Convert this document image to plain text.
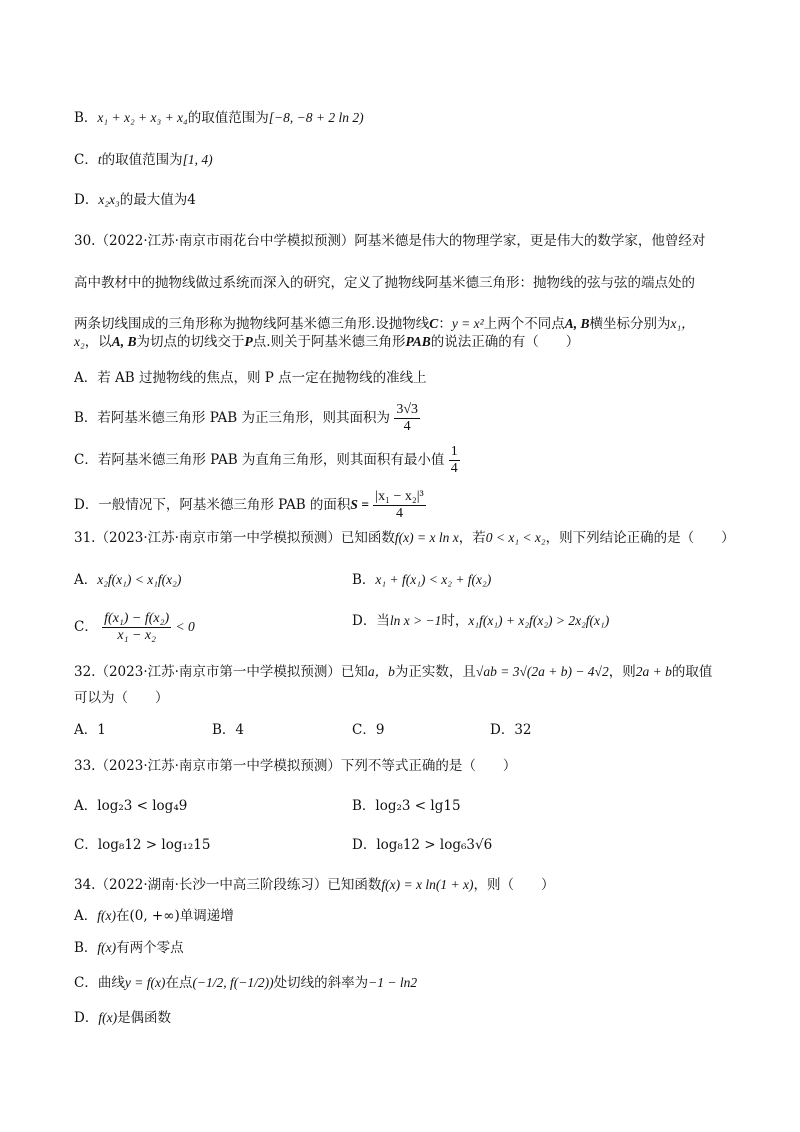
B．x₁ + x₂ + x₃ + x₄的取值范围为[−8, −8 + 2 ln 2)
C．t的取值范围为[1, 4)
D．x₂x₃的最大值为4
30.（2022·江苏·南京市雨花台中学模拟预测）阿基米德是伟大的物理学家，更是伟大的数学家，他曾经对
高中教材中的抛物线做过系统而深入的研究，定义了抛物线阿基米德三角形：抛物线的弦与弦的端点处的
两条切线围成的三角形称为抛物线阿基米德三角形.设抛物线C：y = x²上两个不同点A, B横坐标分别为x₁，
x₂，以A, B为切点的切线交于P点.则关于阿基米德三角形PAB的说法正确的有（　　）
A．若 AB 过抛物线的焦点，则 P 点一定在抛物线的准线上
B．若阿基米德三角形 PAB 为正三角形，则其面积为 $\frac{3√3}{4}$
C．若阿基米德三角形 PAB 为直角三角形，则其面积有最小值 $\frac{1}{4}$
D．一般情况下，阿基米德三角形 PAB 的面积$S = \frac{\text{|x₁ − x₂|³}}{4}$
31.（2023·江苏·南京市第一中学模拟预测）已知函数f(x) = x ln x，若0 < x₁ < x₂，则下列结论正确的是（　　）
A．x₂f(x₁) < x₁f(x₂)	B．x₁ + f(x₁) < x₂ + f(x₂)
C． $\frac{\text{f(x₁) − f(x₂)}}{\text{x₁ − x₂}} < 0$	D．当ln x > −1时，x₁f(x₁) + x₂f(x₂) > 2x₂f(x₁)
32.（2023·江苏·南京市第一中学模拟预测）已知a，b为正实数，且√ab = 3√(2a + b) − 4√2，则2a + b的取值
可以为（　　）
A．1	B．4	C．9	D．32
33.（2023·江苏·南京市第一中学模拟预测）下列不等式正确的是（　　）
A．log₂3 < log₄9	B．log₂3 < lg15
C．log₈12 > log₁₂15	D．log₈12 > log₆3√6
34.（2022·湖南·长沙一中高三阶段练习）已知函数f(x) = x ln(1 + x)，则（　　）
A．f(x)在(0, +∞)单调递增
B．f(x)有两个零点
C．曲线y = f(x)在点(−1/2, f(−1/2))处切线的斜率为−1 − ln2
D．f(x)是偶函数
